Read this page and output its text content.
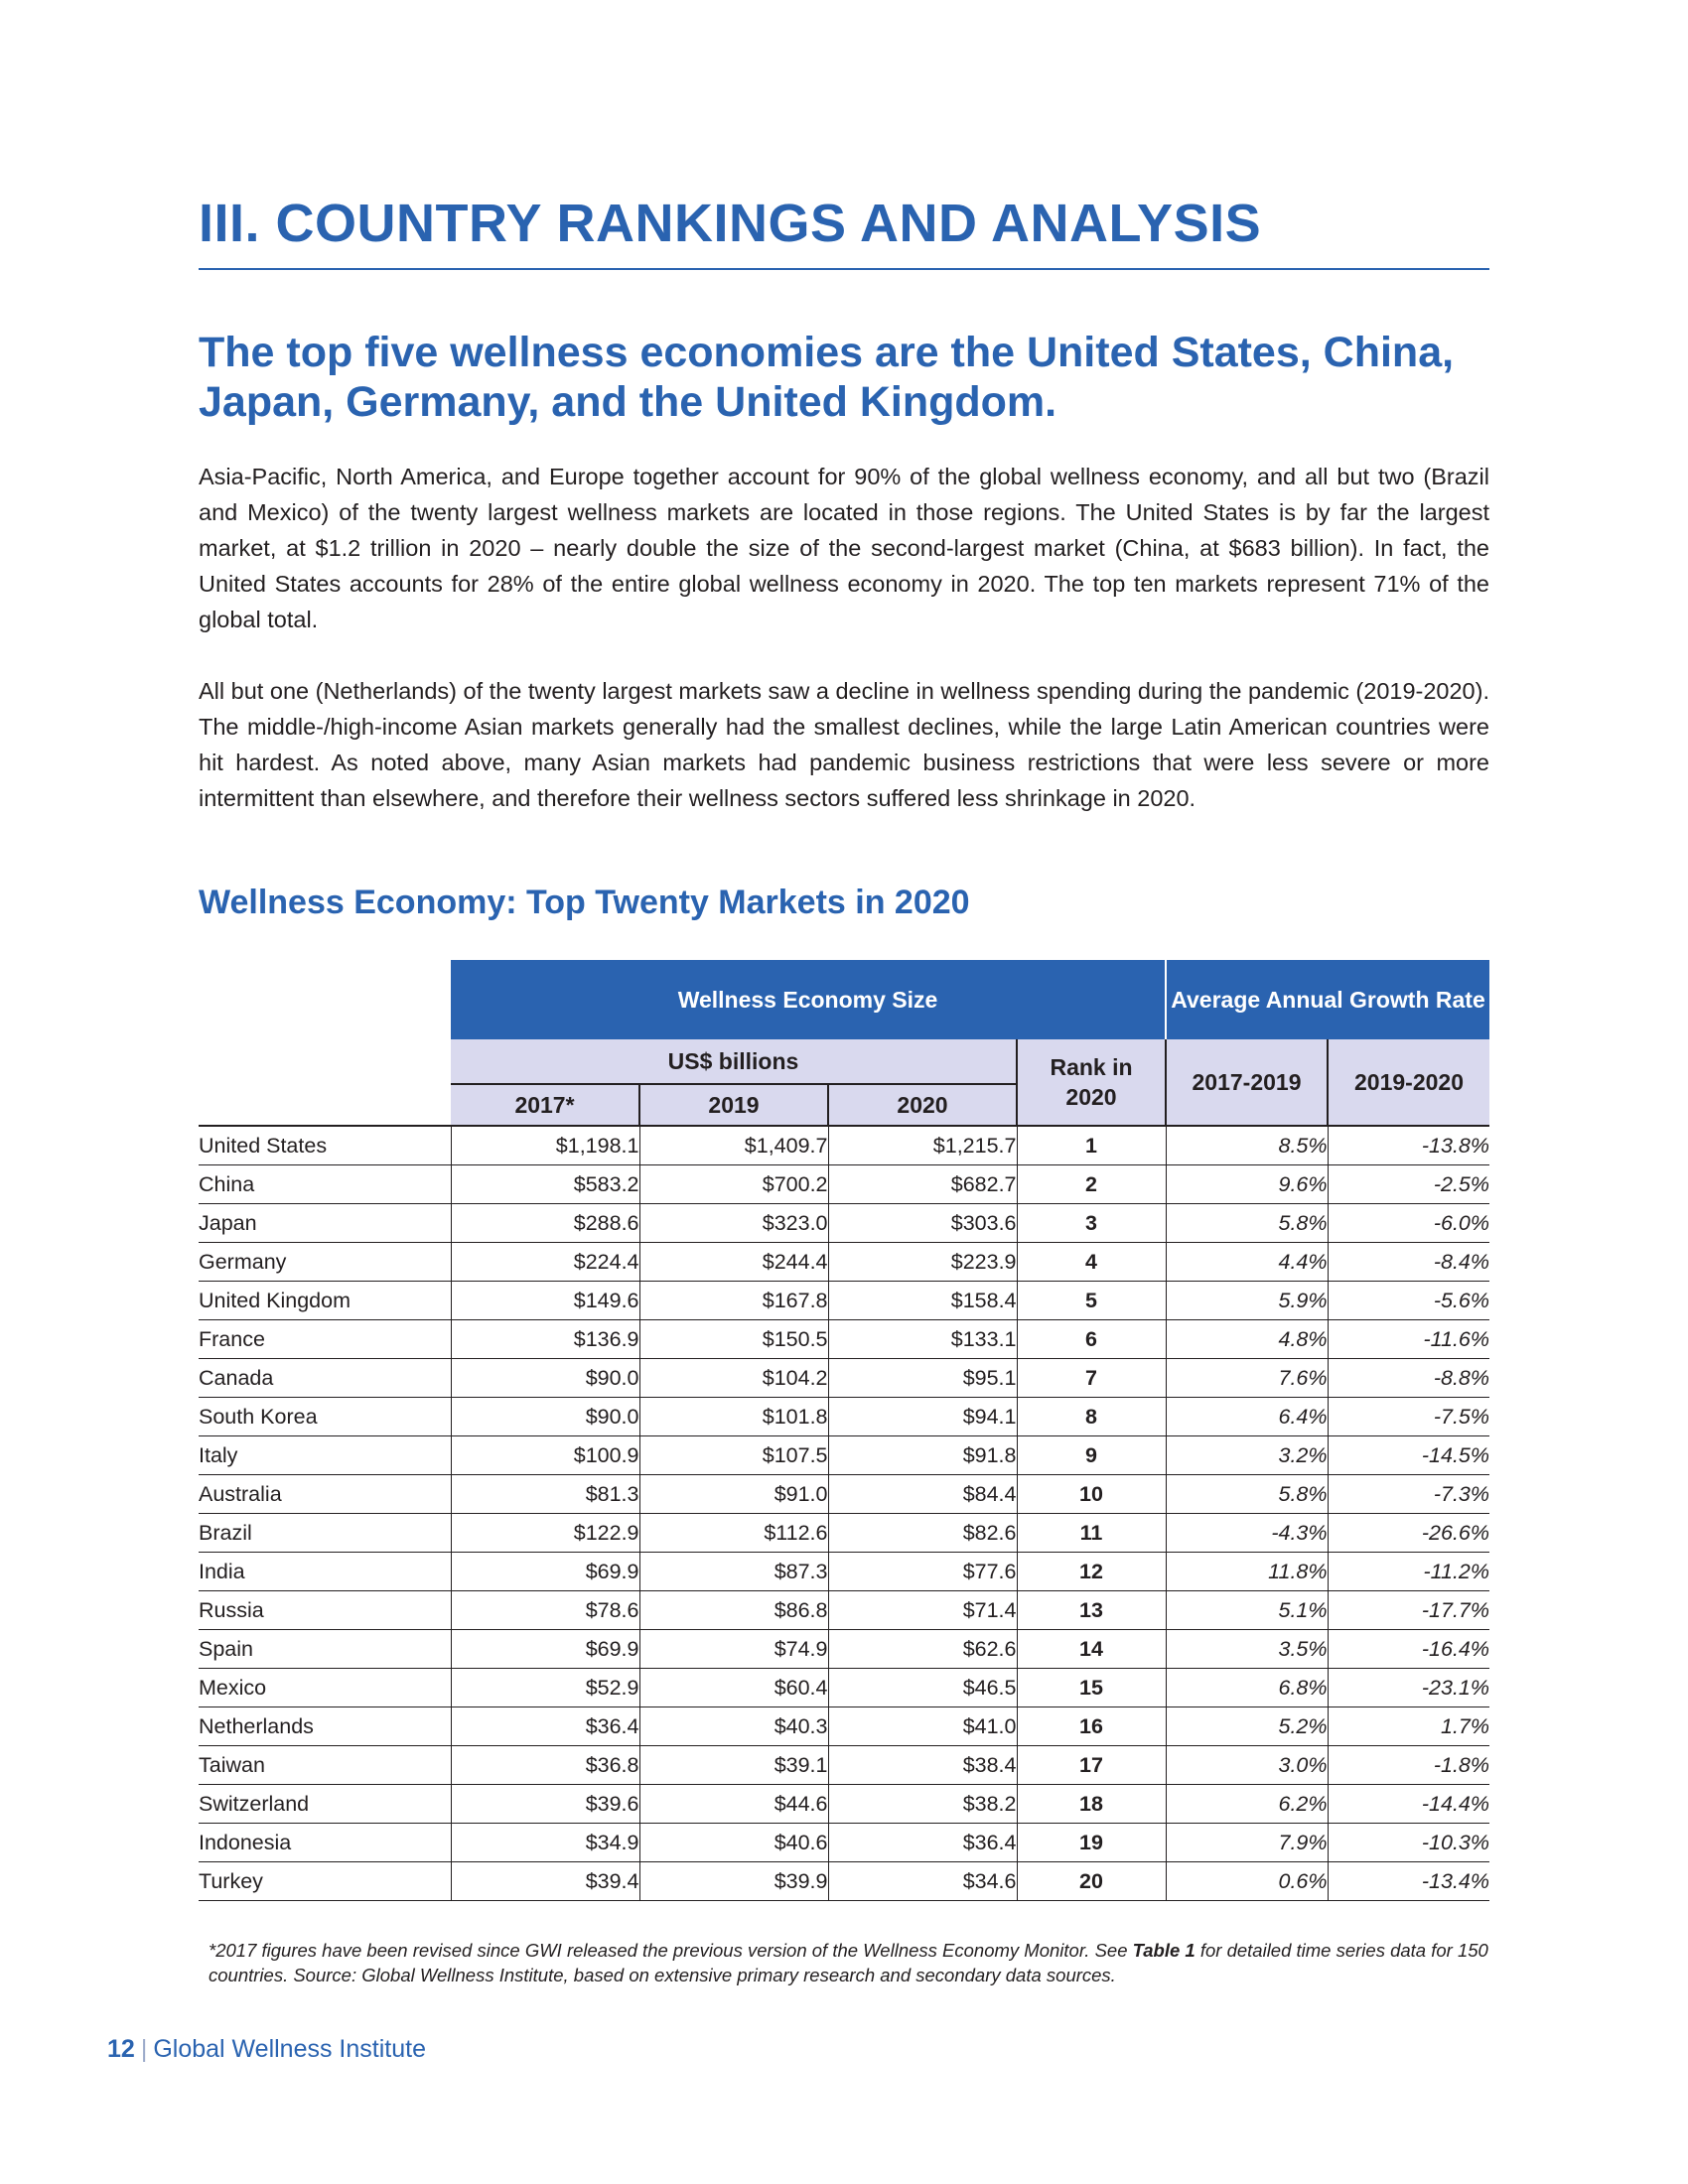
III. COUNTRY RANKINGS AND ANALYSIS
The top five wellness economies are the United States, China, Japan, Germany, and the United Kingdom.

Asia-Pacific, North America, and Europe together account for 90% of the global wellness economy, and all but two (Brazil and Mexico) of the twenty largest wellness markets are located in those regions. The United States is by far the largest market, at $1.2 trillion in 2020 – nearly double the size of the second-largest market (China, at $683 billion). In fact, the United States accounts for 28% of the entire global wellness economy in 2020. The top ten markets represent 71% of the global total.

All but one (Netherlands) of the twenty largest markets saw a decline in wellness spending during the pandemic (2019-2020). The middle-/high-income Asian markets generally had the smallest declines, while the large Latin American countries were hit hardest. As noted above, many Asian markets had pandemic business restrictions that were less severe or more intermittent than elsewhere, and therefore their wellness sectors suffered less shrinkage in 2020.

Wellness Economy: Top Twenty Markets in 2020
	Wellness Economy Size				Average Annual Growth Rate	
	US$ billions			Rank in 2020	2017-2019	2019-2020
	2017*	2019	2020			
United States	$1,198.1	$1,409.7	$1,215.7	1	8.5%	-13.8%
China	$583.2	$700.2	$682.7	2	9.6%	-2.5%
Japan	$288.6	$323.0	$303.6	3	5.8%	-6.0%
Germany	$224.4	$244.4	$223.9	4	4.4%	-8.4%
United Kingdom	$149.6	$167.8	$158.4	5	5.9%	-5.6%
France	$136.9	$150.5	$133.1	6	4.8%	-11.6%
Canada	$90.0	$104.2	$95.1	7	7.6%	-8.8%
South Korea	$90.0	$101.8	$94.1	8	6.4%	-7.5%
Italy	$100.9	$107.5	$91.8	9	3.2%	-14.5%
Australia	$81.3	$91.0	$84.4	10	5.8%	-7.3%
Brazil	$122.9	$112.6	$82.6	11	-4.3%	-26.6%
India	$69.9	$87.3	$77.6	12	11.8%	-11.2%
Russia	$78.6	$86.8	$71.4	13	5.1%	-17.7%
Spain	$69.9	$74.9	$62.6	14	3.5%	-16.4%
Mexico	$52.9	$60.4	$46.5	15	6.8%	-23.1%
Netherlands	$36.4	$40.3	$41.0	16	5.2%	1.7%
Taiwan	$36.8	$39.1	$38.4	17	3.0%	-1.8%
Switzerland	$39.6	$44.6	$38.2	18	6.2%	-14.4%
Indonesia	$34.9	$40.6	$36.4	19	7.9%	-10.3%
Turkey	$39.4	$39.9	$34.6	20	0.6%	-13.4%
*2017 figures have been revised since GWI released the previous version of the Wellness Economy Monitor. See Table 1 for detailed time series data for 150 countries. Source: Global Wellness Institute, based on extensive primary research and secondary data sources.
12 | Global Wellness Institute
